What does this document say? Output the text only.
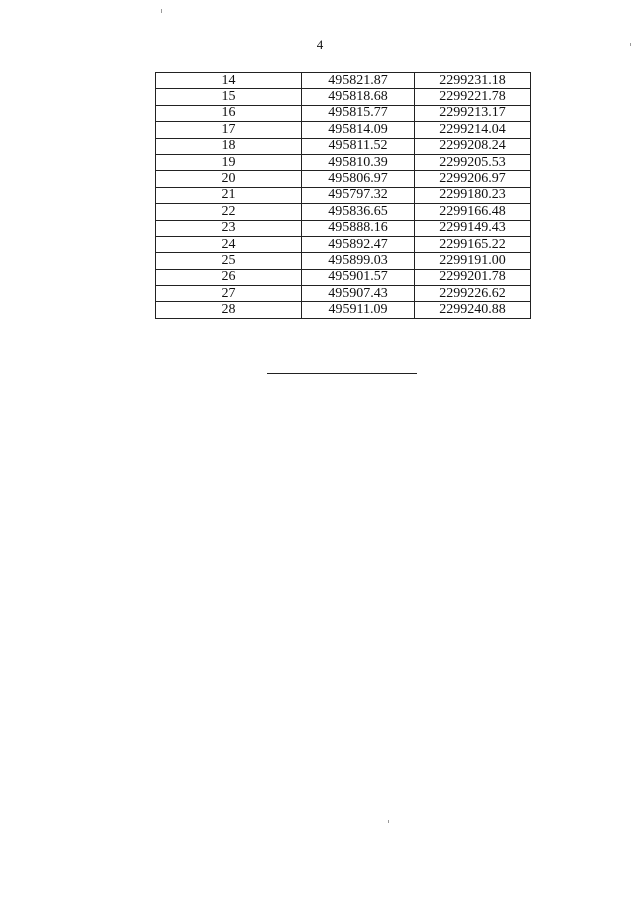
4
14	495821.87	2299231.18
15	495818.68	2299221.78
16	495815.77	2299213.17
17	495814.09	2299214.04
18	495811.52	2299208.24
19	495810.39	2299205.53
20	495806.97	2299206.97
21	495797.32	2299180.23
22	495836.65	2299166.48
23	495888.16	2299149.43
24	495892.47	2299165.22
25	495899.03	2299191.00
26	495901.57	2299201.78
27	495907.43	2299226.62
28	495911.09	2299240.88
